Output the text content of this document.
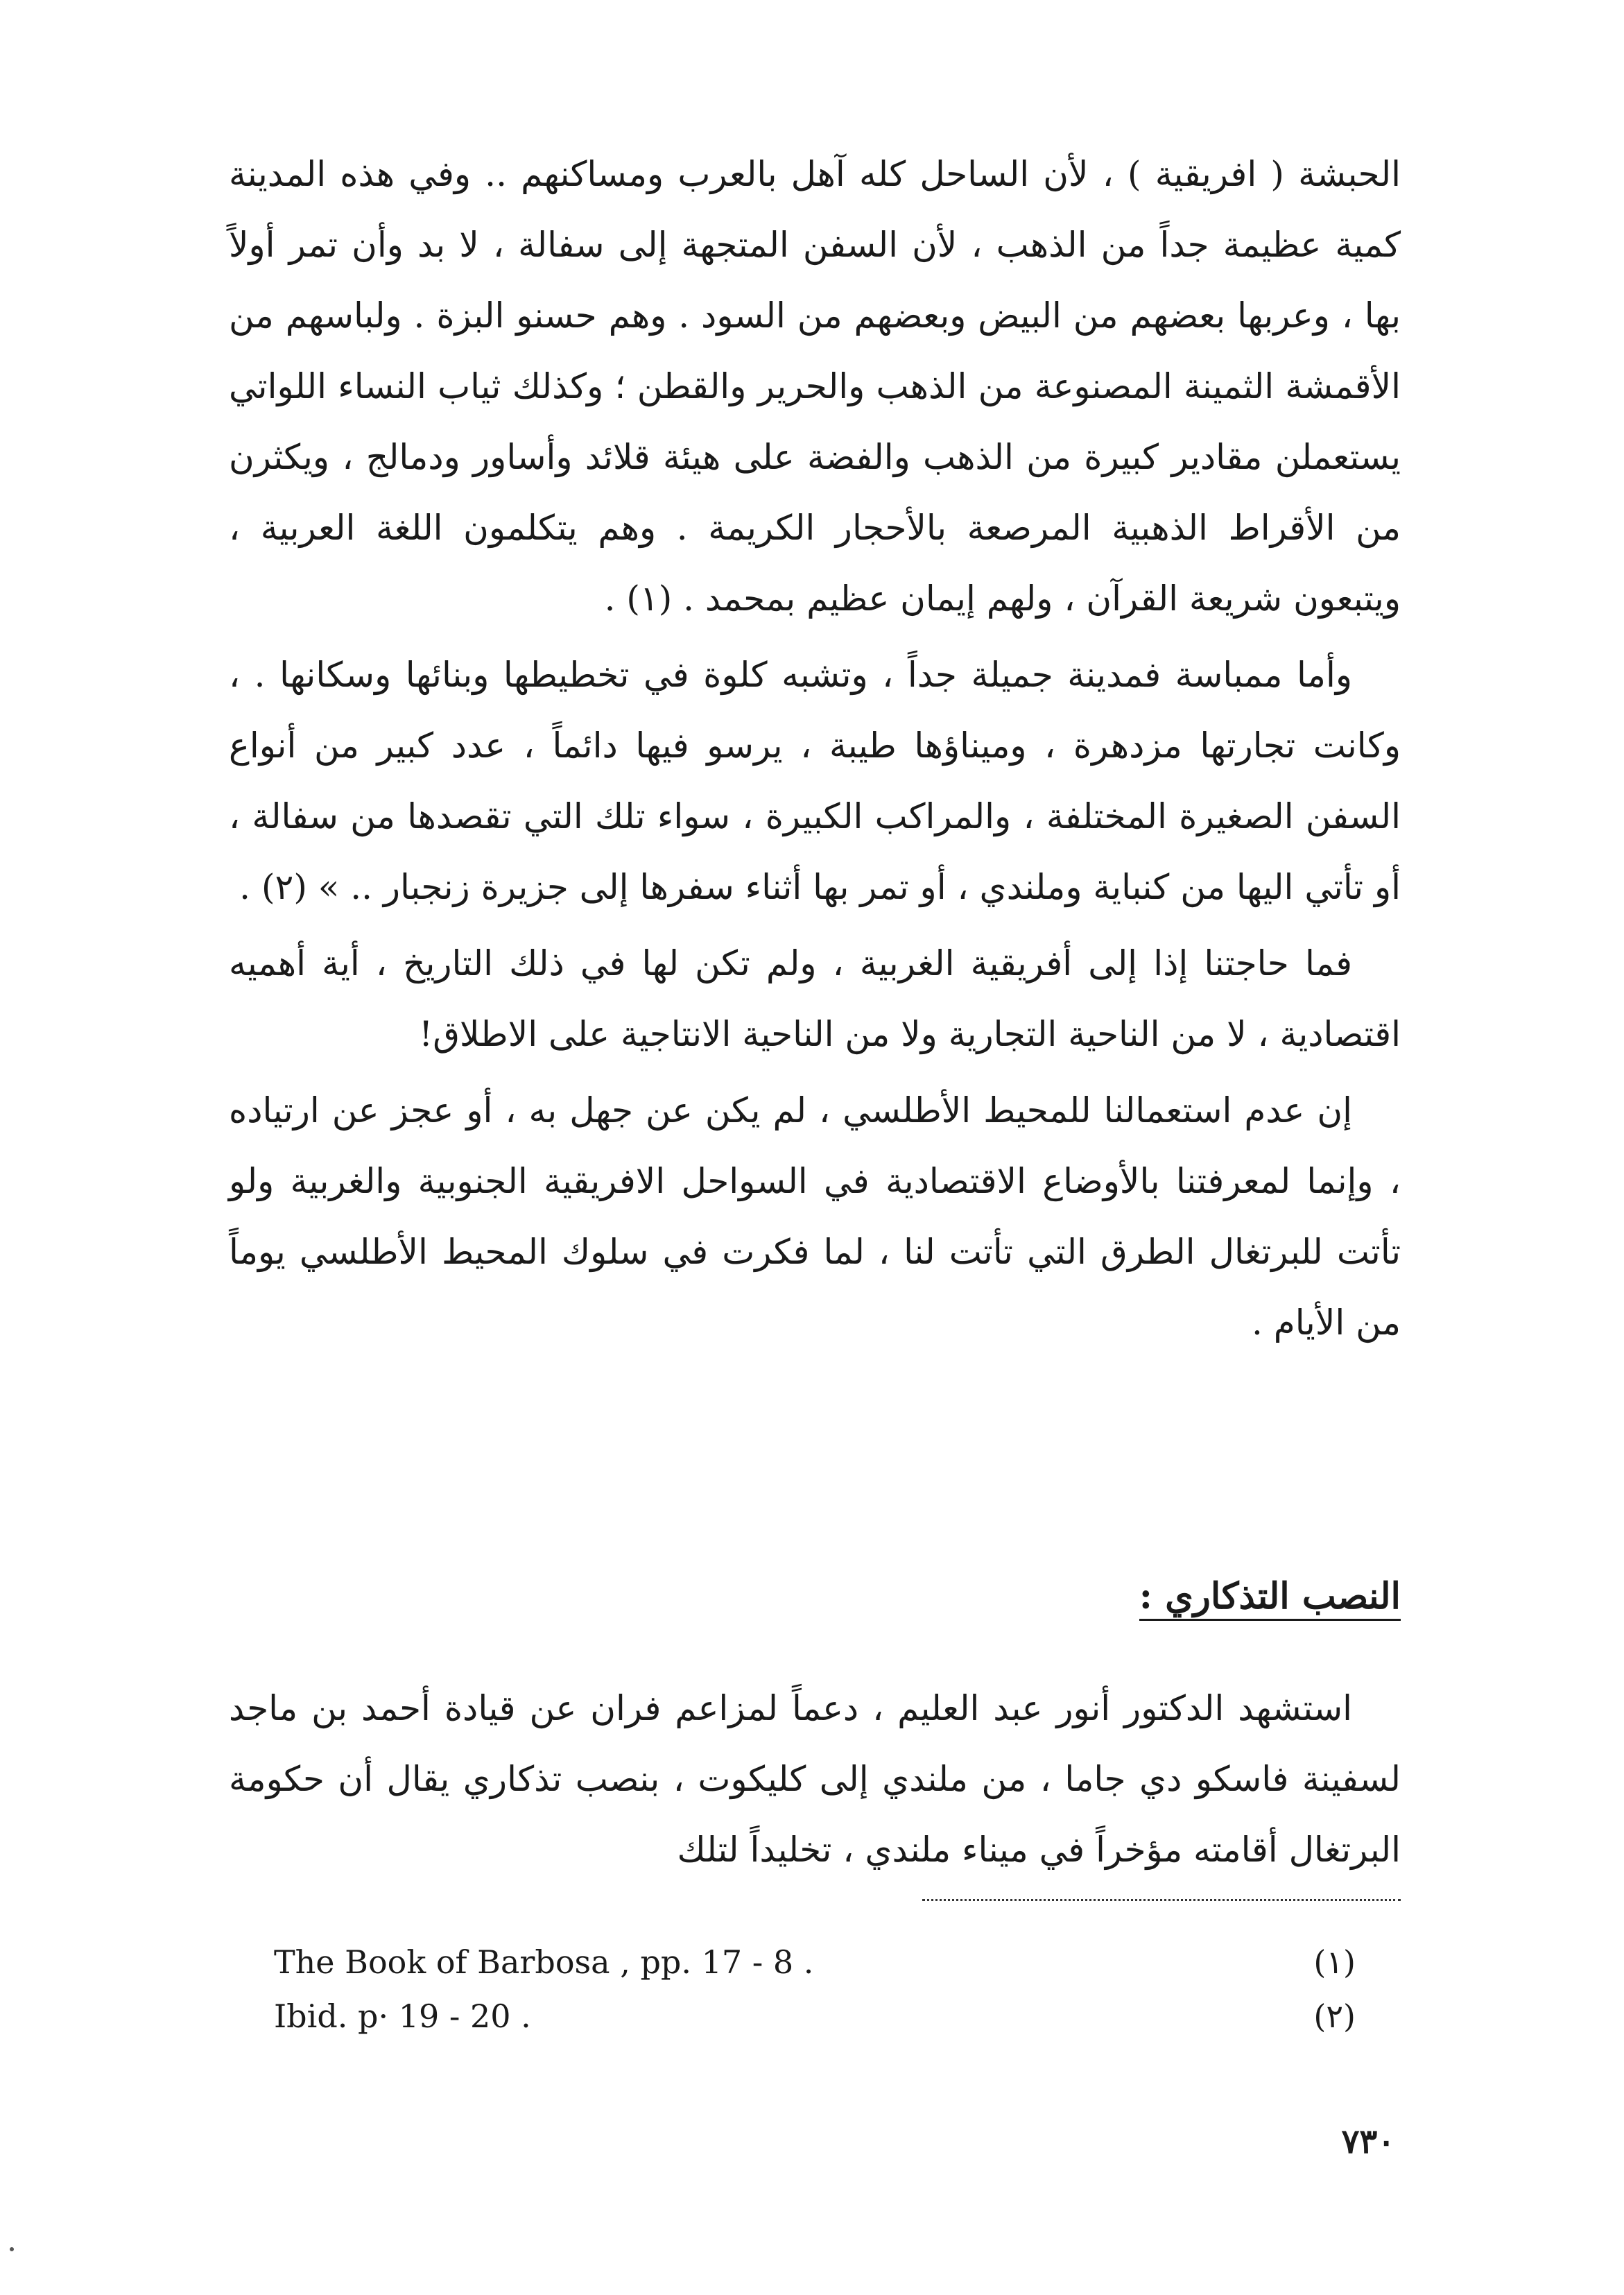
الحبشة ( افريقية ) ، لأن الساحل كله آهل بالعرب ومساكنهم .. وفي هذه المدينة كمية عظيمة جداً من الذهب ، لأن السفن المتجهة إلى سفالة ، لا بد وأن تمر أولاً بها ، وعربها بعضهم من البيض وبعضهم من السود . وهم حسنو البزة . ولباسهم من الأقمشة الثمينة المصنوعة من الذهب والحرير والقطن ؛ وكذلك ثياب النساء اللواتي يستعملن مقادير كبيرة من الذهب والفضة على هيئة قلائد وأساور ودمالج ، ويكثرن من الأقراط الذهبية المرصعة بالأحجار الكريمة . وهم يتكلمون اللغة العربية ، ويتبعون شريعة القرآن ، ولهم إيمان عظيم بمحمد . (١) .

وأما ممباسة فمدينة جميلة جداً ، وتشبه كلوة في تخطيطها وبنائها وسكانها . ، وكانت تجارتها مزدهرة ، وميناؤها طيبة ، يرسو فيها دائماً ، عدد كبير من أنواع السفن الصغيرة المختلفة ، والمراكب الكبيرة ، سواء تلك التي تقصدها من سفالة ، أو تأتي اليها من كنباية وملندي ، أو تمر بها أثناء سفرها إلى جزيرة زنجبار .. » (٢) .

فما حاجتنا إذا إلى أفريقية الغربية ، ولم تكن لها في ذلك التاريخ ، أية أهميه اقتصادية ، لا من الناحية التجارية ولا من الناحية الانتاجية على الاطلاق!

إن عدم استعمالنا للمحيط الأطلسي ، لم يكن عن جهل به ، أو عجز عن ارتياده ، وإنما لمعرفتنا بالأوضاع الاقتصادية في السواحل الافريقية الجنوبية والغربية ولو تأتت للبرتغال الطرق التي تأتت لنا ، لما فكرت في سلوك المحيط الأطلسي يوماً من الأيام .

النصب التذكاري :

استشهد الدكتور أنور عبد العليم ، دعماً لمزاعم فران عن قيادة أحمد بن ماجد لسفينة فاسكو دي جاما ، من ملندي إلى كليكوت ، بنصب تذكاري يقال أن حكومة البرتغال أقامته مؤخراً في ميناء ملندي ، تخليداً لتلك

The Book of Barbosa , pp. 17 - 8 .	(١)
Ibid. p· 19 - 20 .	(٢)
٧٣٠
